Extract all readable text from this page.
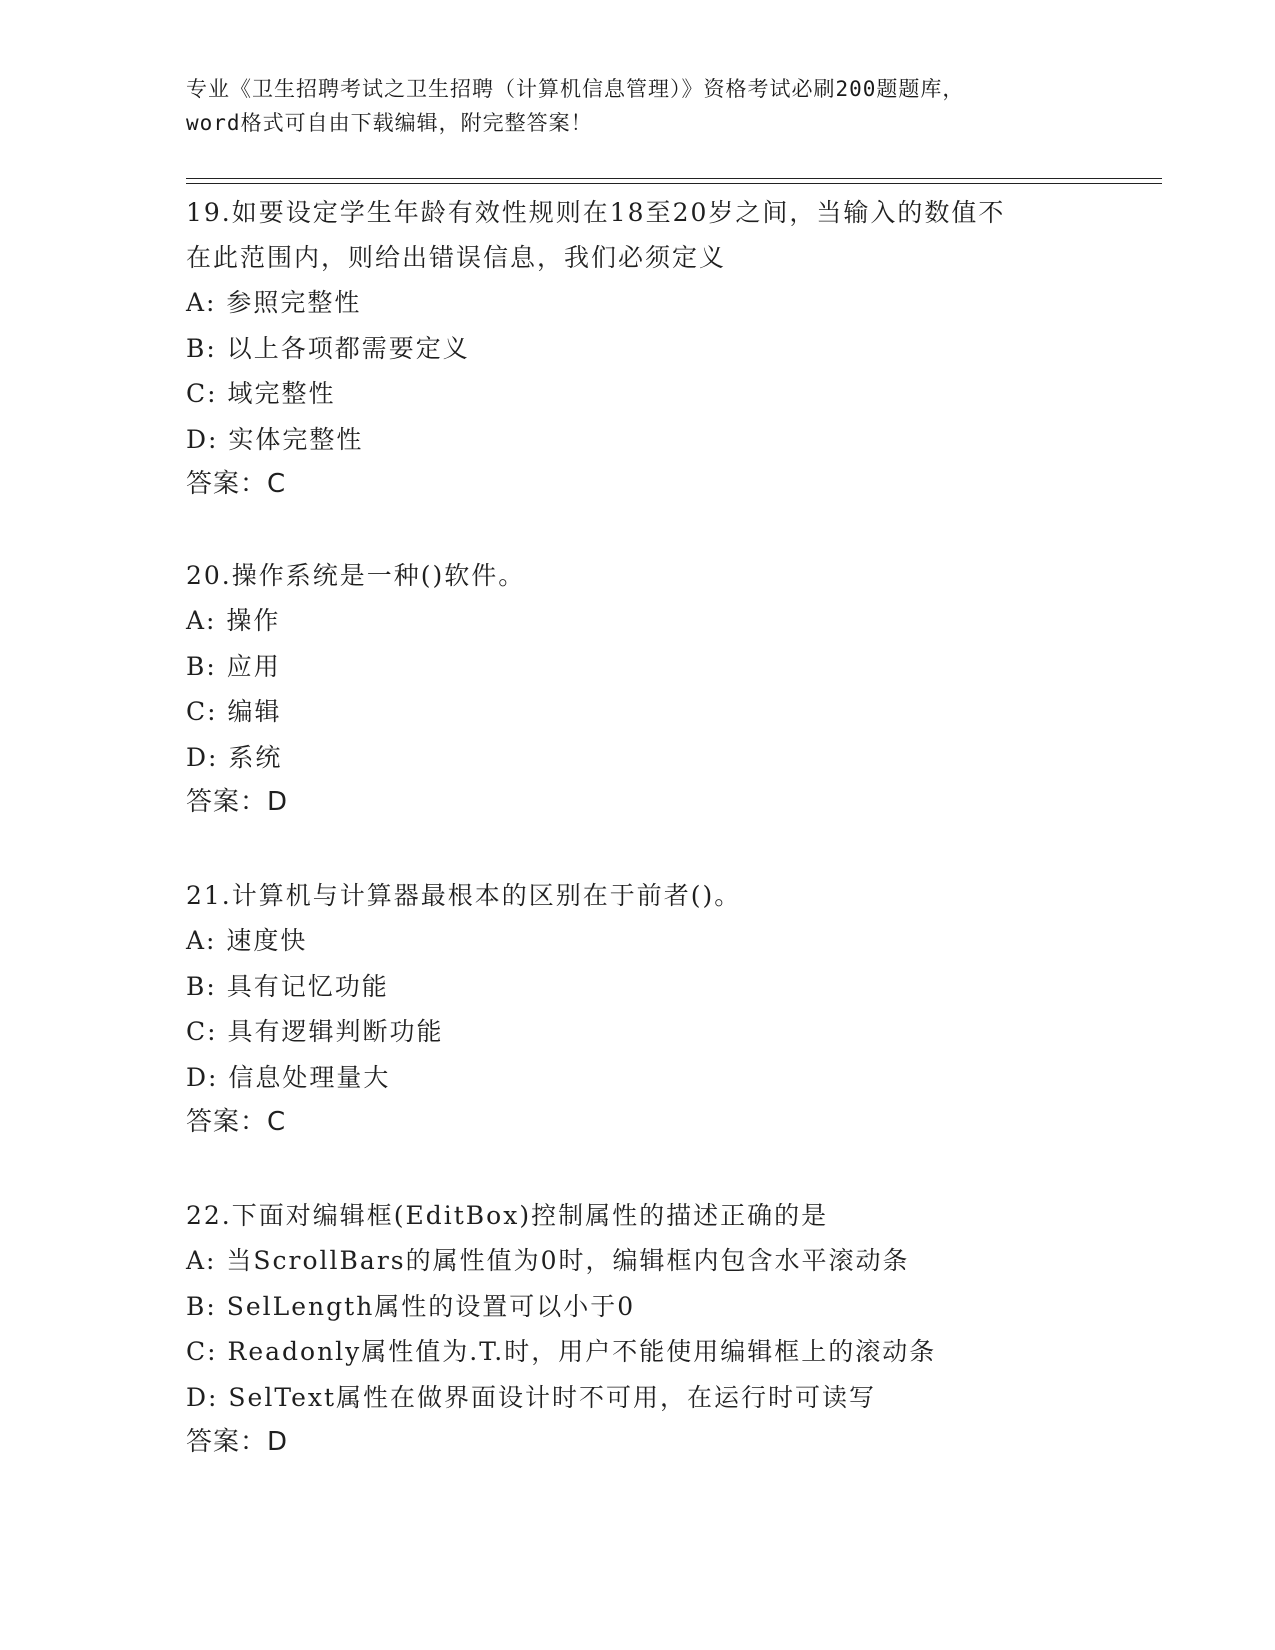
专业《卫生招聘考试之卫生招聘（计算机信息管理）》资格考试必刷200题题库，
word格式可自由下载编辑，附完整答案！
19.如要设定学生年龄有效性规则在18至20岁之间，当输入的数值不
在此范围内，则给出错误信息，我们必须定义
A: 参照完整性
B: 以上各项都需要定义
C: 域完整性
D: 实体完整性
答案：C
20.操作系统是一种()软件。
A: 操作
B: 应用
C: 编辑
D: 系统
答案：D
21.计算机与计算器最根本的区别在于前者()。
A: 速度快
B: 具有记忆功能
C: 具有逻辑判断功能
D: 信息处理量大
答案：C
22.下面对编辑框(EditBox)控制属性的描述正确的是
A: 当ScrollBars的属性值为0时，编辑框内包含水平滚动条
B: SelLength属性的设置可以小于0
C: Readonly属性值为.T.时，用户不能使用编辑框上的滚动条
D: SelText属性在做界面设计时不可用，在运行时可读写
答案：D
